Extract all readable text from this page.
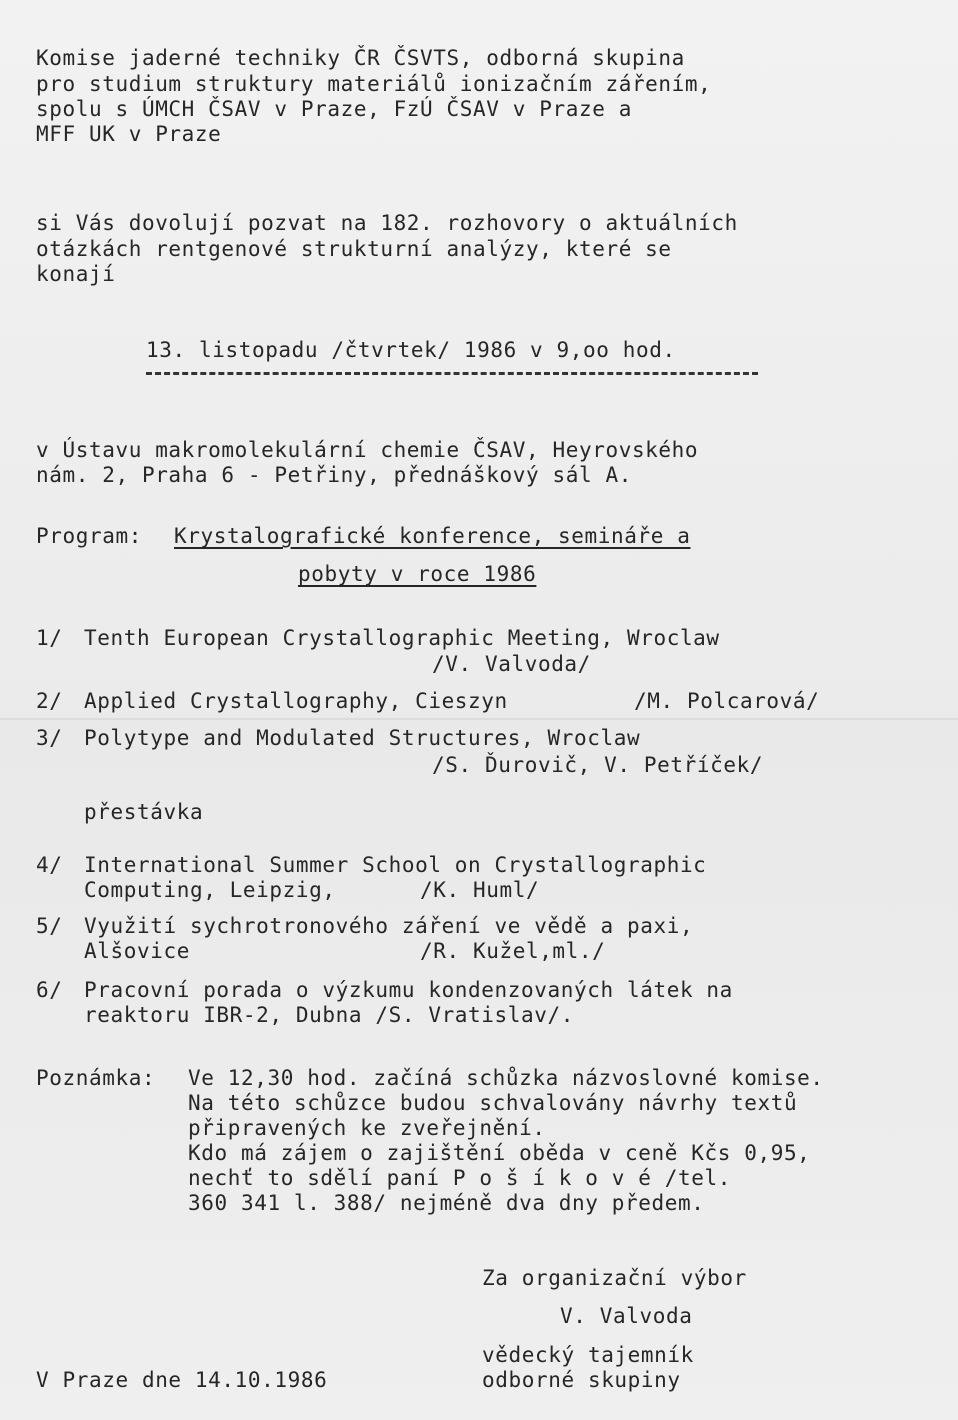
Komise jaderné techniky ČR ČSVTS, odborná skupina
pro studium struktury materiálů ionizačním zářením,
spolu s ÚMCH ČSAV v Praze, FzÚ ČSAV v Praze a
MFF UK v Praze
si Vás dovolují pozvat na 182. rozhovory o aktuálních
otázkách rentgenové strukturní analýzy, které se
konají
13. listopadu /čtvrtek/ 1986 v 9,oo hod.
v Ústavu makromolekulární chemie ČSAV, Heyrovského
nám. 2, Praha 6 - Petřiny, přednáškový sál A.
Program: Krystalografické konference, semináře a
pobyty v roce 1986
1/ Tenth European Crystallographic Meeting, Wroclaw
/V. Valvoda/
2/ Applied Crystallography, Cieszyn	/M. Polcarová/
3/ Polytype and Modulated Structures, Wroclaw
/S. Ďurovič, V. Petříček/
přestávka
4/ International Summer School on Crystallographic
Computing, Leipzig,	/K. Huml/
5/ Využití sychrotronového záření ve vědě a paxi,
Alšovice	/R. Kužel,ml./
6/ Pracovní porada o výzkumu kondenzovaných látek na
reaktoru IBR-2, Dubna /S. Vratislav/.
Poznámka: Ve 12,30 hod. začíná schůzka názvoslovné komise.
Na této schůzce budou schvalovány návrhy textů
připravených ke zveřejnění.
Kdo má zájem o zajištění oběda v ceně Kčs 0,95,
nechť to sdělí paní P o š í k o v é /tel.
360 341 l. 388/ nejméně dva dny předem.
Za organizační výbor
V. Valvoda
vědecký tajemník
odborné skupiny
V Praze dne 14.10.1986
